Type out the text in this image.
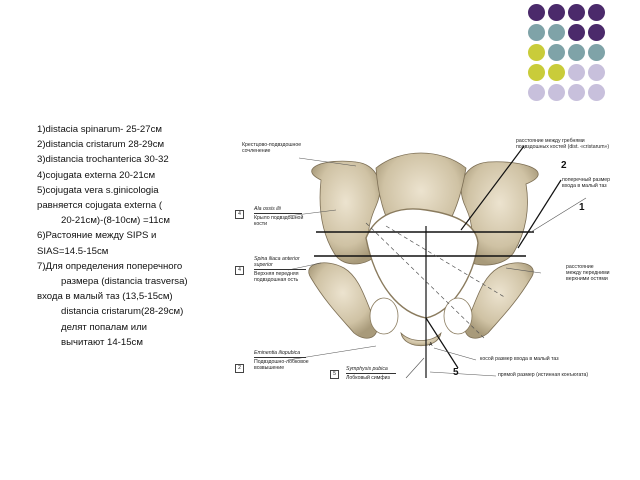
1)distacia spinarum- 25-27см
2)distancia cristarum 28-29см
3)distancia trochanterica 30-32
4)cojugata externa 20-21см
5)cojugata vera s.ginicologia
равняется cojugata externa (
20-21см)-(8-10см) =11см
6)Растояние между SIPS и
SIAS=14.5-15см
7)Для определения поперечного
размера (distancia trasversa)
входа в малый таз (13,5-15см)
distancia cristarum(28-29см)
делят попалам или
вычитают 14-15см
Крестцово-подвздошное
сочленение
4
Ala ossis ilii
Крыло подвздошной
кости
4
Spina iliaca anterior
superior
Верхняя передняя
подвздошная ость
2
Eminentia iliopubica
Подвздошно-лобковое
возвышение
5
Symphysis pubica
Лобковый симфиз
расстояние между гребнями
подвздошных костей (dist. «cristarum»)
поперечный размер
входа в малый таз
расстояние
между передними
верхними остями
косой размер входа в малый таз
прямой размер (истинная конъюгата)
A
2
1
5
